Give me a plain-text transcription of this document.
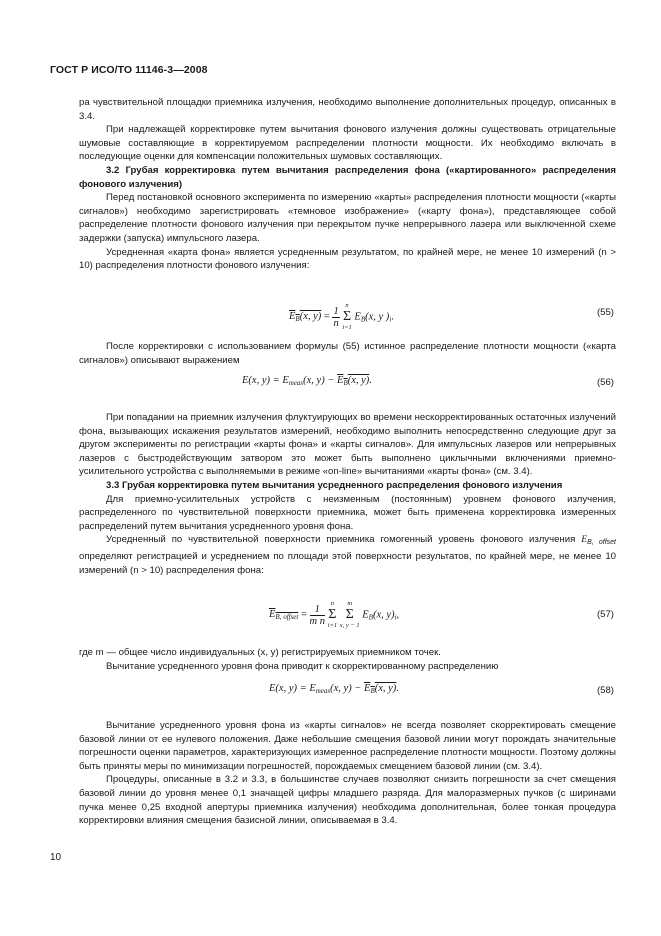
ГОСТ Р ИСО/ТО 11146-3—2008

ра чувствительной площадки приемника излучения, необходимо выполнение дополнительных процедур, описанных в 3.4.

При надлежащей корректировке путем вычитания фонового излучения должны существовать отрицательные шумовые составляющие в корректируемом распределении плотности мощности. Их необходимо включать в последующие оценки для компенсации положительных шумовых составляющих.

3.2 Грубая корректировка путем вычитания распределения фона («картированного» распределения фонового излучения)

Перед постановкой основного эксперимента по измерению «карты» распределения плотности мощности («карты сигналов») необходимо зарегистрировать «темновое изображение» («карту фона»), представляющее собой распределение плотности фонового излучения при перекрытом пучке непрерывного лазера или выключенной схеме задержки (запуска) импульсного лазера.

Усредненная «карта фона» является усредненным результатом, по крайней мере, не менее 10 измерений (n > 10) распределения плотности фонового излучения:

$E_B(x$, $y) = \frac{1}{n}$
n
Σ
i=1
$E_B(x$, y )$_i$.	(55)

После корректировки с использованием формулы (55) истинное распределение плотности мощности («карта сигналов») описывают выражением

E(x, $y) = E_{meas}(x$, $y) - E_B(x$, y).	(56)

При попадании на приемник излучения флуктуирующих во времени нескорректированных остаточных излучений фона, вызывающих искажения результатов измерений, необходимо выполнить непосредственно следующие друг за другом эксперименты по регистрации «карты фона» и «карты сигналов». Для импульсных лазеров или непрерывных лазеров с быстродействующим затвором это может быть выполнено циклычными включениями приемно-усилительного устройства с выполняемыми в режиме «on-line» вычитаниями «карты фона» (см. 3.4).

3.3 Грубая корректировка путем вычитания усредненного распределения фонового излучения

Для приемно-усилительных устройств с неизменным (постоянным) уровнем фонового излучения, распределенного по чувствительной поверхности приемника, может быть применена корректировка измеренных распределений путем вычитания усредненного уровня фона.

Усредненный по чувствительной поверхности приемника гомогенный уровень фонового излучения $E_{B, offset}$ определяют регистрацией и усреднением по площади этой поверхности результатов, по крайней мере, не менее 10 измерений (n > 10) распределения фона:

$E_{B, offset} = \frac{1}{\text{m n}}$
n
Σ
i=1

m
Σ
x, y − 1
$E_B(x$, $y)_i$,	(57)

где m — общее число индивидуальных (x, y) регистрируемых приемником точек.

Вычитание усредненного уровня фона приводит к скорректированному распределению

E(x, $y) = E_{meas}(x$, $y) - E_B(x$, y).	(58)

Вычитание усредненного уровня фона из «карты сигналов» не всегда позволяет скорректировать смещение базовой линии от ее нулевого положения. Даже небольшие смещения базовой линии могут порождать значительные погрешности оценки параметров, характеризующих измеренное распределение плотности мощности. Поэтому должны быть приняты меры по минимизации погрешностей, порождаемых смещением базовой линии (см. 3.4).

Процедуры, описанные в 3.2 и 3.3, в большинстве случаев позволяют снизить погрешности за счет смещения базовой линии до уровня менее 0,1 значащей цифры младшего разряда. Для малоразмерных пучков (с ширинами пучка менее 0,25 входной апертуры приемника излучения) необходима дополнительная, более тонкая процедура корректировки влияния смещения базисной линии, описываемая в 3.4.

10
